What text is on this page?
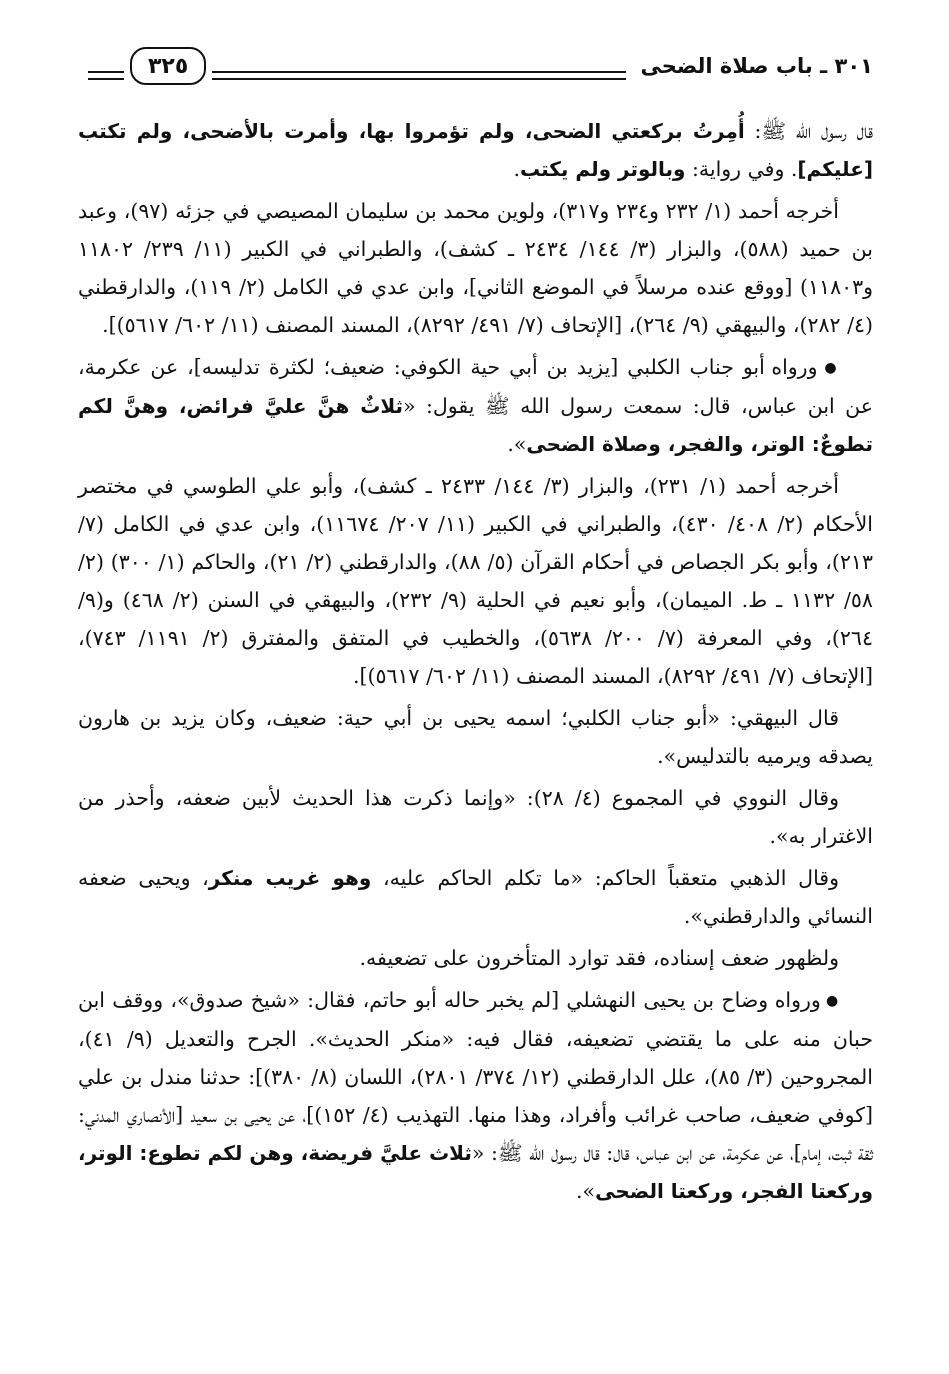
٣٠١ ـ باب صلاة الضحى
٣٢٥

قال رسول الله ﷺ: أُمِرتُ بركعتي الضحى، ولم تؤمروا بها، وأمرت بالأضحى، ولم تكتب [عليكم]. وفي رواية: وبالوتر ولم يكتب.

أخرجه أحمد (١/ ٢٣٢ و٢٣٤ و٣١٧)، ولوين محمد بن سليمان المصيصي في جزئه (٩٧)، وعبد بن حميد (٥٨٨)، والبزار (٣/ ١٤٤/ ٢٤٣٤ ـ كشف)، والطبراني في الكبير (١١/ ٢٣٩/ ١١٨٠٢ و١١٨٠٣) [ووقع عنده مرسلاً في الموضع الثاني]، وابن عدي في الكامل (٢/ ١١٩)، والدارقطني (٤/ ٢٨٢)، والبيهقي (٩/ ٢٦٤)، [الإتحاف (٧/ ٤٩١/ ٨٢٩٢)، المسند المصنف (١١/ ٦٠٢/ ٥٦١٧)].

● ورواه أبو جناب الكلبي [يزيد بن أبي حية الكوفي: ضعيف؛ لكثرة تدليسه]، عن عكرمة، عن ابن عباس، قال: سمعت رسول الله ﷺ يقول: «ثلاثٌ هنَّ عليَّ فرائض، وهنَّ لكم تطوعٌ: الوتر، والفجر، وصلاة الضحى».

أخرجه أحمد (١/ ٢٣١)، والبزار (٣/ ١٤٤/ ٢٤٣٣ ـ كشف)، وأبو علي الطوسي في مختصر الأحكام (٢/ ٤٠٨/ ٤٣٠)، والطبراني في الكبير (١١/ ٢٠٧/ ١١٦٧٤)، وابن عدي في الكامل (٧/ ٢١٣)، وأبو بكر الجصاص في أحكام القرآن (٥/ ٨٨)، والدارقطني (٢/ ٢١)، والحاكم (١/ ٣٠٠) (٢/ ٥٨/ ١١٣٢ ـ ط. الميمان)، وأبو نعيم في الحلية (٩/ ٢٣٢)، والبيهقي في السنن (٢/ ٤٦٨) و(٩/ ٢٦٤)، وفي المعرفة (٧/ ٢٠٠/ ٥٦٣٨)، والخطيب في المتفق والمفترق (٢/ ١١٩١/ ٧٤٣)، [الإتحاف (٧/ ٤٩١/ ٨٢٩٢)، المسند المصنف (١١/ ٦٠٢/ ٥٦١٧)].

قال البيهقي: «أبو جناب الكلبي؛ اسمه يحيى بن أبي حية: ضعيف، وكان يزيد بن هارون يصدقه ويرميه بالتدليس».

وقال النووي في المجموع (٤/ ٢٨): «وإنما ذكرت هذا الحديث لأبين ضعفه، وأحذر من الاغترار به».

وقال الذهبي متعقباً الحاكم: «ما تكلم الحاكم عليه، وهو غريب منكر، ويحيى ضعفه النسائي والدارقطني».

ولظهور ضعف إسناده، فقد توارد المتأخرون على تضعيفه.

● ورواه وضاح بن يحيى النهشلي [لم يخبر حاله أبو حاتم، فقال: «شيخ صدوق»، ووقف ابن حبان منه على ما يقتضي تضعيفه، فقال فيه: «منكر الحديث». الجرح والتعديل (٩/ ٤١)، المجروحين (٣/ ٨٥)، علل الدارقطني (١٢/ ٣٧٤/ ٢٨٠١)، اللسان (٨/ ٣٨٠)]: حدثنا مندل بن علي [كوفي ضعيف، صاحب غرائب وأفراد، وهذا منها. التهذيب (٤/ ١٥٢)]، عن يحيى بن سعيد [الأنصاري المدني: ثقة ثبت، إمام]، عن عكرمة، عن ابن عباس، قال: قال رسول الله ﷺ: «ثلاث عليَّ فريضة، وهن لكم تطوع: الوتر، وركعتا الفجر، وركعتا الضحى».
